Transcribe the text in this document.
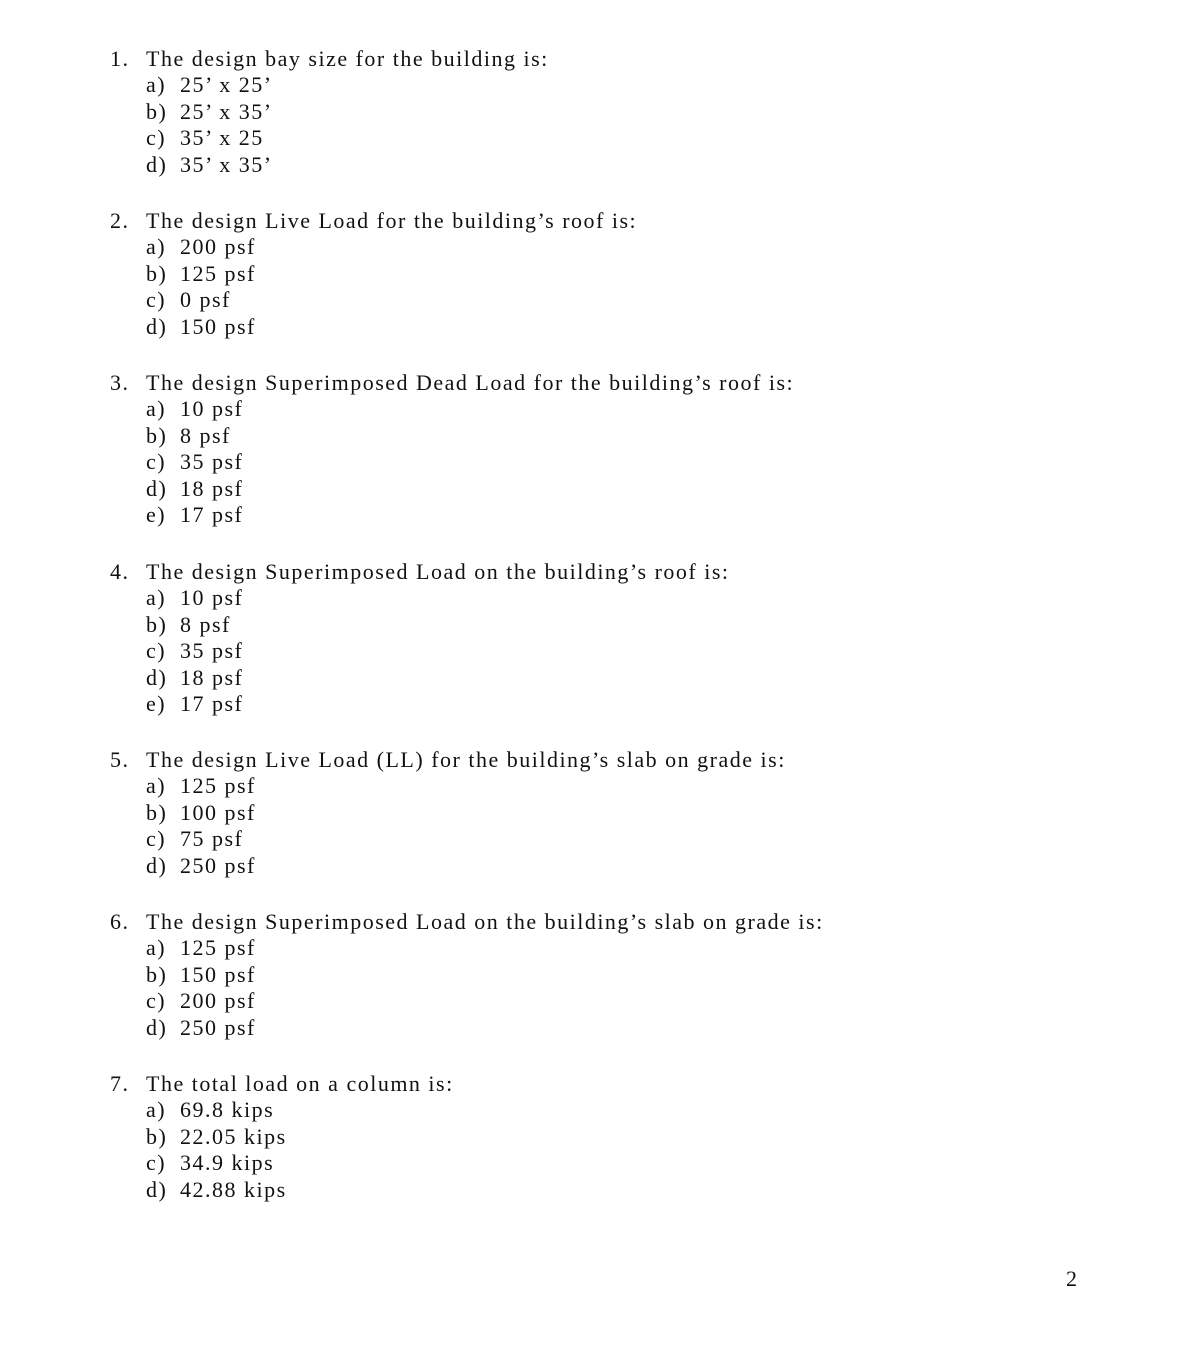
1. The design bay size for the building is:
a) 25’ x 25’
b) 25’ x 35’
c) 35’ x 25
d) 35’ x 35’
2. The design Live Load for the building’s roof is:
a) 200 psf
b) 125 psf
c) 0 psf
d) 150 psf
3. The design Superimposed Dead Load for the building’s roof is:
a) 10 psf
b) 8 psf
c) 35 psf
d) 18 psf
e) 17 psf
4. The design Superimposed Load on the building’s roof is:
a) 10 psf
b) 8 psf
c) 35 psf
d) 18 psf
e) 17 psf
5. The design Live Load (LL) for the building’s slab on grade is:
a) 125 psf
b) 100 psf
c) 75 psf
d) 250 psf
6. The design Superimposed Load on the building’s slab on grade is:
a) 125 psf
b) 150 psf
c) 200 psf
d) 250 psf
7. The total load on a column is:
a) 69.8 kips
b) 22.05 kips
c) 34.9 kips
d) 42.88 kips
2
